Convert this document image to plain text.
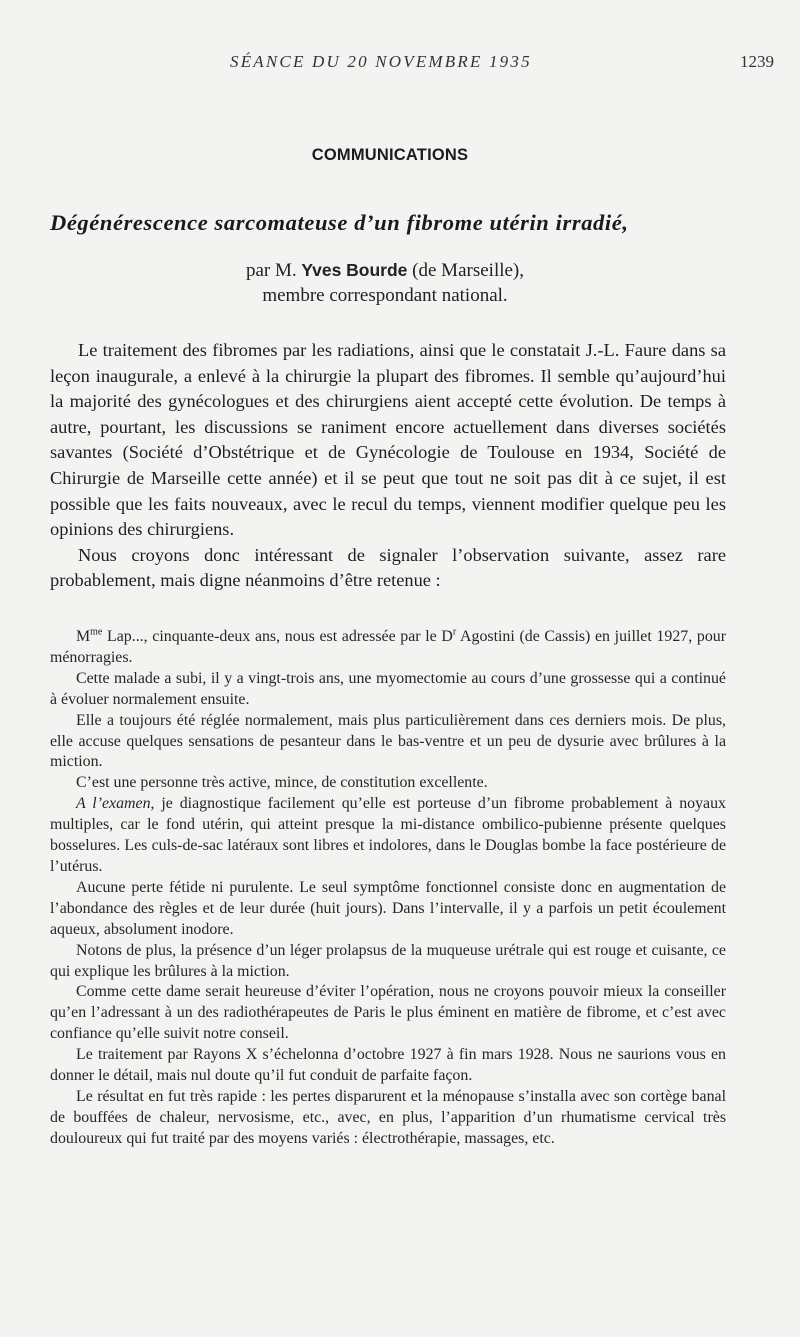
SÉANCE DU 20 NOVEMBRE 1935	1239
COMMUNICATIONS
Dégénérescence sarcomateuse d’un fibrome utérin irradié,
par M. Yves Bourde (de Marseille),
membre correspondant national.

Le traitement des fibromes par les radiations, ainsi que le constatait J.-L. Faure dans sa leçon inaugurale, a enlevé à la chirurgie la plupart des fibromes. Il semble qu’aujourd’hui la majorité des gynécologues et des chirurgiens aient accepté cette évolution. De temps à autre, pourtant, les discussions se raniment encore actuellement dans diverses sociétés savantes (Société d’Obstétrique et de Gynécologie de Toulouse en 1934, Société de Chirurgie de Marseille cette année) et il se peut que tout ne soit pas dit à ce sujet, il est possible que les faits nouveaux, avec le recul du temps, viennent modifier quelque peu les opinions des chirurgiens.

Nous croyons donc intéressant de signaler l’observation suivante, assez rare probablement, mais digne néanmoins d’être retenue :

$M^{me}$ Lap..., cinquante-deux ans, nous est adressée par le $D^r$ Agostini (de Cassis) en juillet 1927, pour ménorragies.

Cette malade a subi, il y a vingt-trois ans, une myomectomie au cours d’une grossesse qui a continué à évoluer normalement ensuite.

Elle a toujours été réglée normalement, mais plus particulièrement dans ces derniers mois. De plus, elle accuse quelques sensations de pesanteur dans le bas-ventre et un peu de dysurie avec brûlures à la miction.

C’est une personne très active, mince, de constitution excellente.

A l’examen, je diagnostique facilement qu’elle est porteuse d’un fibrome probablement à noyaux multiples, car le fond utérin, qui atteint presque la mi-distance ombilico-pubienne présente quelques bosselures. Les culs-de-sac latéraux sont libres et indolores, dans le Douglas bombe la face postérieure de l’utérus.

Aucune perte fétide ni purulente. Le seul symptôme fonctionnel consiste donc en augmentation de l’abondance des règles et de leur durée (huit jours). Dans l’intervalle, il y a parfois un petit écoulement aqueux, absolument inodore.

Notons de plus, la présence d’un léger prolapsus de la muqueuse urétrale qui est rouge et cuisante, ce qui explique les brûlures à la miction.

Comme cette dame serait heureuse d’éviter l’opération, nous ne croyons pouvoir mieux la conseiller qu’en l’adressant à un des radiothérapeutes de Paris le plus éminent en matière de fibrome, et c’est avec confiance qu’elle suivit notre conseil.

Le traitement par Rayons X s’échelonna d’octobre 1927 à fin mars 1928. Nous ne saurions vous en donner le détail, mais nul doute qu’il fut conduit de parfaite façon.

Le résultat en fut très rapide : les pertes disparurent et la ménopause s’installa avec son cortège banal de bouffées de chaleur, nervosisme, etc., avec, en plus, l’apparition d’un rhumatisme cervical très douloureux qui fut traité par des moyens variés : électrothérapie, massages, etc.
